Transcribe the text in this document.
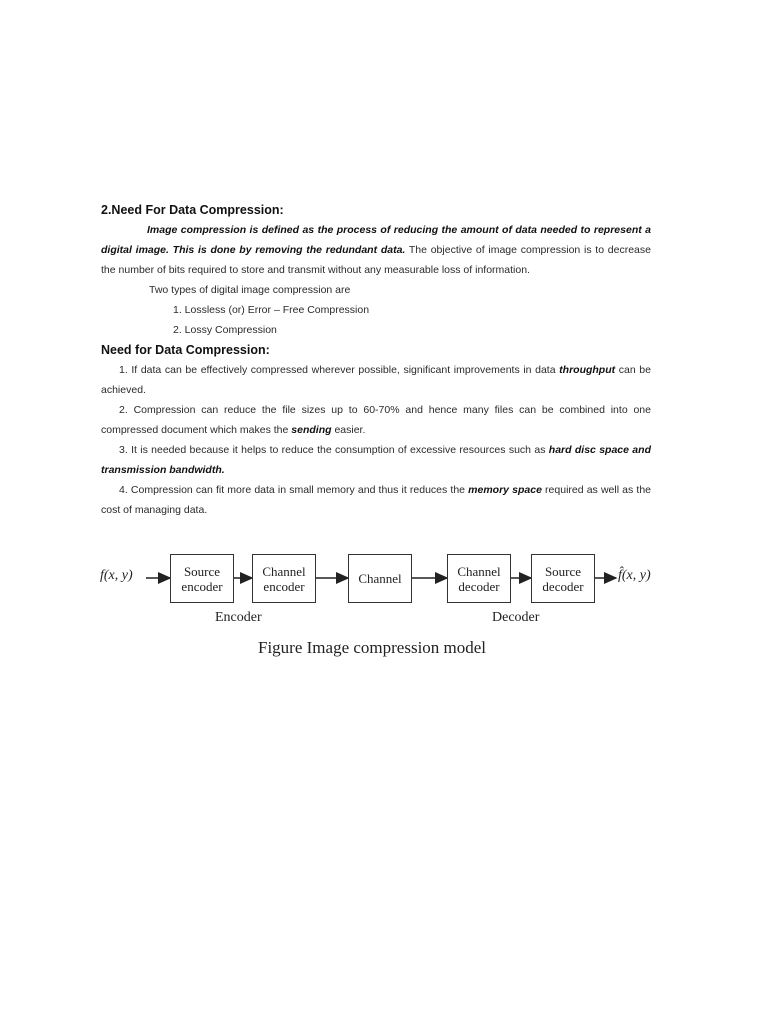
2.Need For Data Compression:

Image compression is defined as the process of reducing the amount of data needed to represent a digital image. This is done by removing the redundant data. The objective of image compression is to decrease the number of bits required to store and transmit without any measurable loss of information.

Two types of digital image compression are

1. Lossless (or) Error – Free Compression

2. Lossy Compression

Need for Data Compression:

1. If data can be effectively compressed wherever possible, significant improvements in data throughput can be achieved.

2. Compression can reduce the file sizes up to 60-70% and hence many files can be combined into one compressed document which makes the sending easier.

3. It is needed because it helps to reduce the consumption of excessive resources such as hard disc space and transmission bandwidth.

4. Compression can fit more data in small memory and thus it reduces the memory space required as well as the cost of managing data.

f(x, y)	Source
encoder
Channel
encoder	Channel	Channel
decoder
Source
decoder
f̂(x, y)
Encoder	Decoder
Figure Image compression model
